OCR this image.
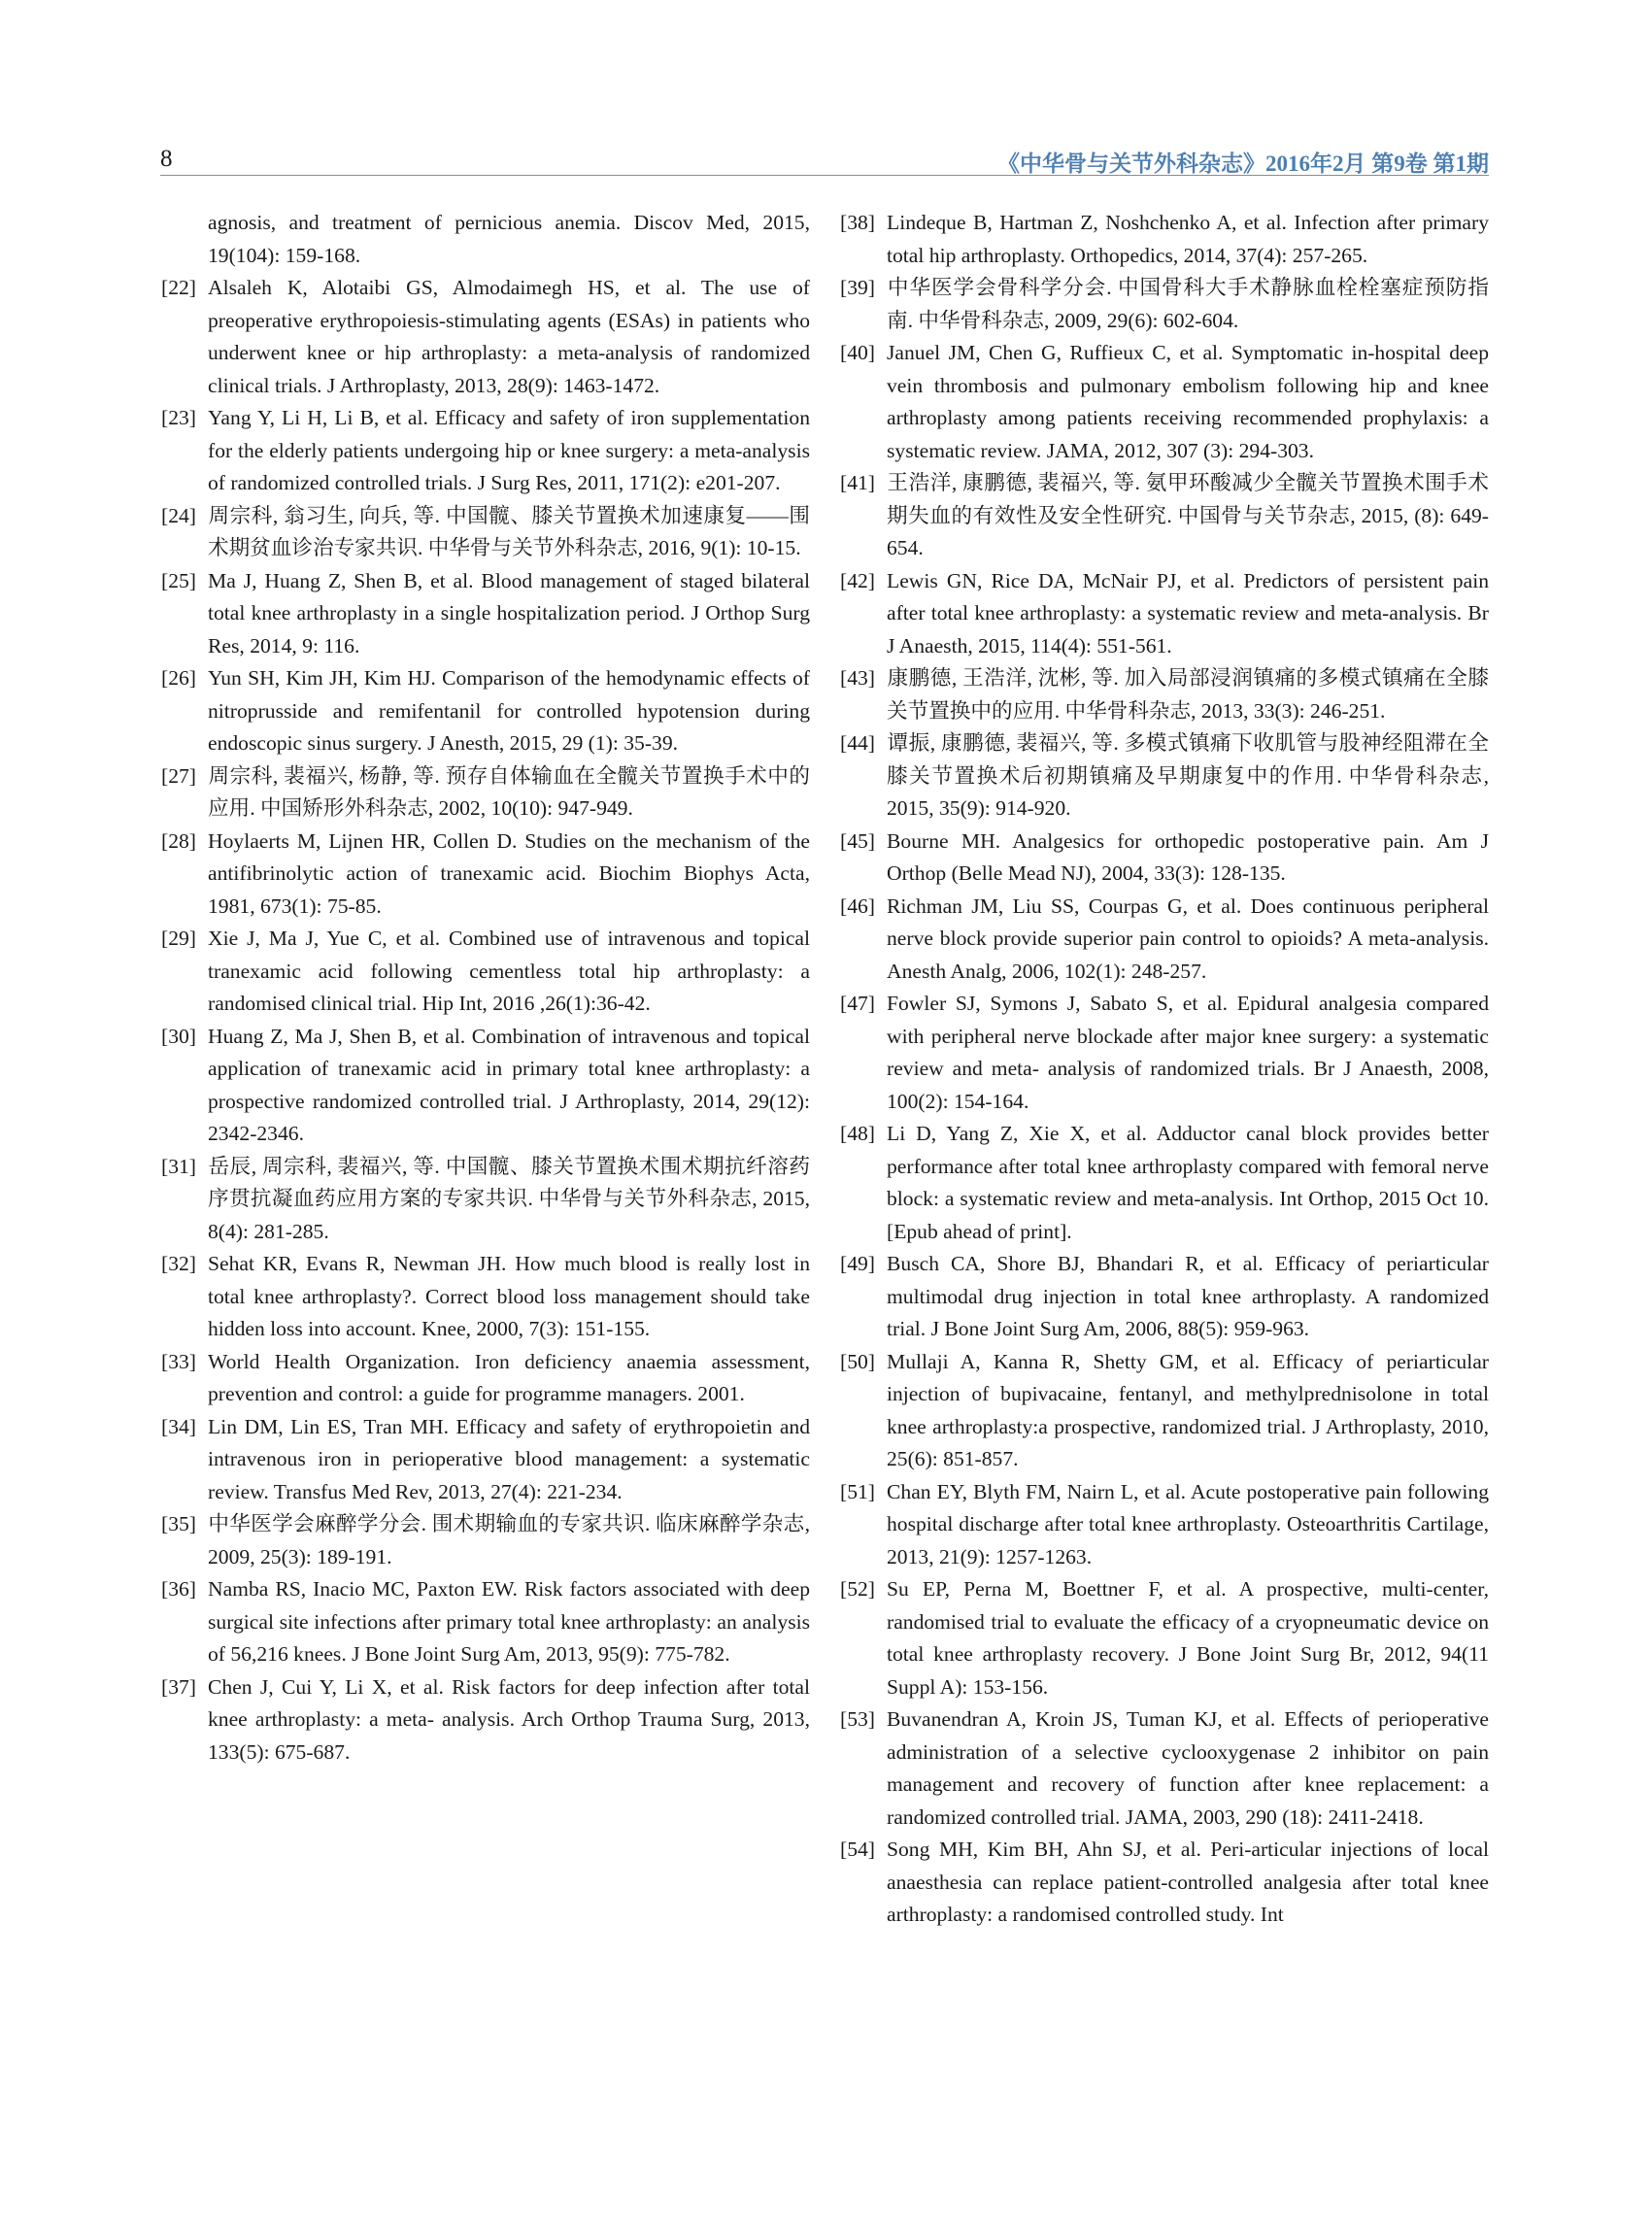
8	《中华骨与关节外科杂志》2016年2月 第9卷 第1期

agnosis, and treatment of pernicious anemia. Discov Med, 2015, 19(104): 159-168.

[22] Alsaleh K, Alotaibi GS, Almodaimegh HS, et al. The use of preoperative erythropoiesis-stimulating agents (ESAs) in patients who underwent knee or hip arthroplasty: a meta-analysis of randomized clinical trials. J Arthroplasty, 2013, 28(9): 1463-1472.

[23] Yang Y, Li H, Li B, et al. Efficacy and safety of iron supplementation for the elderly patients undergoing hip or knee surgery: a meta-analysis of randomized controlled trials. J Surg Res, 2011, 171(2): e201-207.

[24] 周宗科, 翁习生, 向兵, 等. 中国髋、膝关节置换术加速康复——围术期贫血诊治专家共识. 中华骨与关节外科杂志, 2016, 9(1): 10-15.

[25] Ma J, Huang Z, Shen B, et al. Blood management of staged bilateral total knee arthroplasty in a single hospitalization period. J Orthop Surg Res, 2014, 9: 116.

[26] Yun SH, Kim JH, Kim HJ. Comparison of the hemodynamic effects of nitroprusside and remifentanil for controlled hypotension during endoscopic sinus surgery. J Anesth, 2015, 29 (1): 35-39.

[27] 周宗科, 裴福兴, 杨静, 等. 预存自体输血在全髋关节置换手术中的应用. 中国矫形外科杂志, 2002, 10(10): 947-949.

[28] Hoylaerts M, Lijnen HR, Collen D. Studies on the mechanism of the antifibrinolytic action of tranexamic acid. Biochim Biophys Acta, 1981, 673(1): 75-85.

[29] Xie J, Ma J, Yue C, et al. Combined use of intravenous and topical tranexamic acid following cementless total hip arthroplasty: a randomised clinical trial. Hip Int, 2016 ,26(1):36-42.

[30] Huang Z, Ma J, Shen B, et al. Combination of intravenous and topical application of tranexamic acid in primary total knee arthroplasty: a prospective randomized controlled trial. J Arthroplasty, 2014, 29(12): 2342-2346.

[31] 岳辰, 周宗科, 裴福兴, 等. 中国髋、膝关节置换术围术期抗纤溶药序贯抗凝血药应用方案的专家共识. 中华骨与关节外科杂志, 2015, 8(4): 281-285.

[32] Sehat KR, Evans R, Newman JH. How much blood is really lost in total knee arthroplasty?. Correct blood loss management should take hidden loss into account. Knee, 2000, 7(3): 151-155.

[33] World Health Organization. Iron deficiency anaemia assessment, prevention and control: a guide for programme managers. 2001.

[34] Lin DM, Lin ES, Tran MH. Efficacy and safety of erythropoietin and intravenous iron in perioperative blood management: a systematic review. Transfus Med Rev, 2013, 27(4): 221-234.

[35] 中华医学会麻醉学分会. 围术期输血的专家共识. 临床麻醉学杂志, 2009, 25(3): 189-191.

[36] Namba RS, Inacio MC, Paxton EW. Risk factors associated with deep surgical site infections after primary total knee arthroplasty: an analysis of 56,216 knees. J Bone Joint Surg Am, 2013, 95(9): 775-782.

[37] Chen J, Cui Y, Li X, et al. Risk factors for deep infection after total knee arthroplasty: a meta- analysis. Arch Orthop Trauma Surg, 2013, 133(5): 675-687.

[38] Lindeque B, Hartman Z, Noshchenko A, et al. Infection after primary total hip arthroplasty. Orthopedics, 2014, 37(4): 257-265.

[39] 中华医学会骨科学分会. 中国骨科大手术静脉血栓栓塞症预防指南. 中华骨科杂志, 2009, 29(6): 602-604.

[40] Januel JM, Chen G, Ruffieux C, et al. Symptomatic in-hospital deep vein thrombosis and pulmonary embolism following hip and knee arthroplasty among patients receiving recommended prophylaxis: a systematic review. JAMA, 2012, 307 (3): 294-303.

[41] 王浩洋, 康鹏德, 裴福兴, 等. 氨甲环酸减少全髋关节置换术围手术期失血的有效性及安全性研究. 中国骨与关节杂志, 2015, (8): 649-654.

[42] Lewis GN, Rice DA, McNair PJ, et al. Predictors of persistent pain after total knee arthroplasty: a systematic review and meta-analysis. Br J Anaesth, 2015, 114(4): 551-561.

[43] 康鹏德, 王浩洋, 沈彬, 等. 加入局部浸润镇痛的多模式镇痛在全膝关节置换中的应用. 中华骨科杂志, 2013, 33(3): 246-251.

[44] 谭振, 康鹏德, 裴福兴, 等. 多模式镇痛下收肌管与股神经阻滞在全膝关节置换术后初期镇痛及早期康复中的作用. 中华骨科杂志, 2015, 35(9): 914-920.

[45] Bourne MH. Analgesics for orthopedic postoperative pain. Am J Orthop (Belle Mead NJ), 2004, 33(3): 128-135.

[46] Richman JM, Liu SS, Courpas G, et al. Does continuous peripheral nerve block provide superior pain control to opioids? A meta-analysis. Anesth Analg, 2006, 102(1): 248-257.

[47] Fowler SJ, Symons J, Sabato S, et al. Epidural analgesia compared with peripheral nerve blockade after major knee surgery: a systematic review and meta- analysis of randomized trials. Br J Anaesth, 2008, 100(2): 154-164.

[48] Li D, Yang Z, Xie X, et al. Adductor canal block provides better performance after total knee arthroplasty compared with femoral nerve block: a systematic review and meta-analysis. Int Orthop, 2015 Oct 10. [Epub ahead of print].

[49] Busch CA, Shore BJ, Bhandari R, et al. Efficacy of periarticular multimodal drug injection in total knee arthroplasty. A randomized trial. J Bone Joint Surg Am, 2006, 88(5): 959-963.

[50] Mullaji A, Kanna R, Shetty GM, et al. Efficacy of periarticular injection of bupivacaine, fentanyl, and methylprednisolone in total knee arthroplasty:a prospective, randomized trial. J Arthroplasty, 2010, 25(6): 851-857.

[51] Chan EY, Blyth FM, Nairn L, et al. Acute postoperative pain following hospital discharge after total knee arthroplasty. Osteoarthritis Cartilage, 2013, 21(9): 1257-1263.

[52] Su EP, Perna M, Boettner F, et al. A prospective, multi-center, randomised trial to evaluate the efficacy of a cryopneumatic device on total knee arthroplasty recovery. J Bone Joint Surg Br, 2012, 94(11 Suppl A): 153-156.

[53] Buvanendran A, Kroin JS, Tuman KJ, et al. Effects of perioperative administration of a selective cyclooxygenase 2 inhibitor on pain management and recovery of function after knee replacement: a randomized controlled trial. JAMA, 2003, 290 (18): 2411-2418.

[54] Song MH, Kim BH, Ahn SJ, et al. Peri-articular injections of local anaesthesia can replace patient-controlled analgesia after total knee arthroplasty: a randomised controlled study. Int
